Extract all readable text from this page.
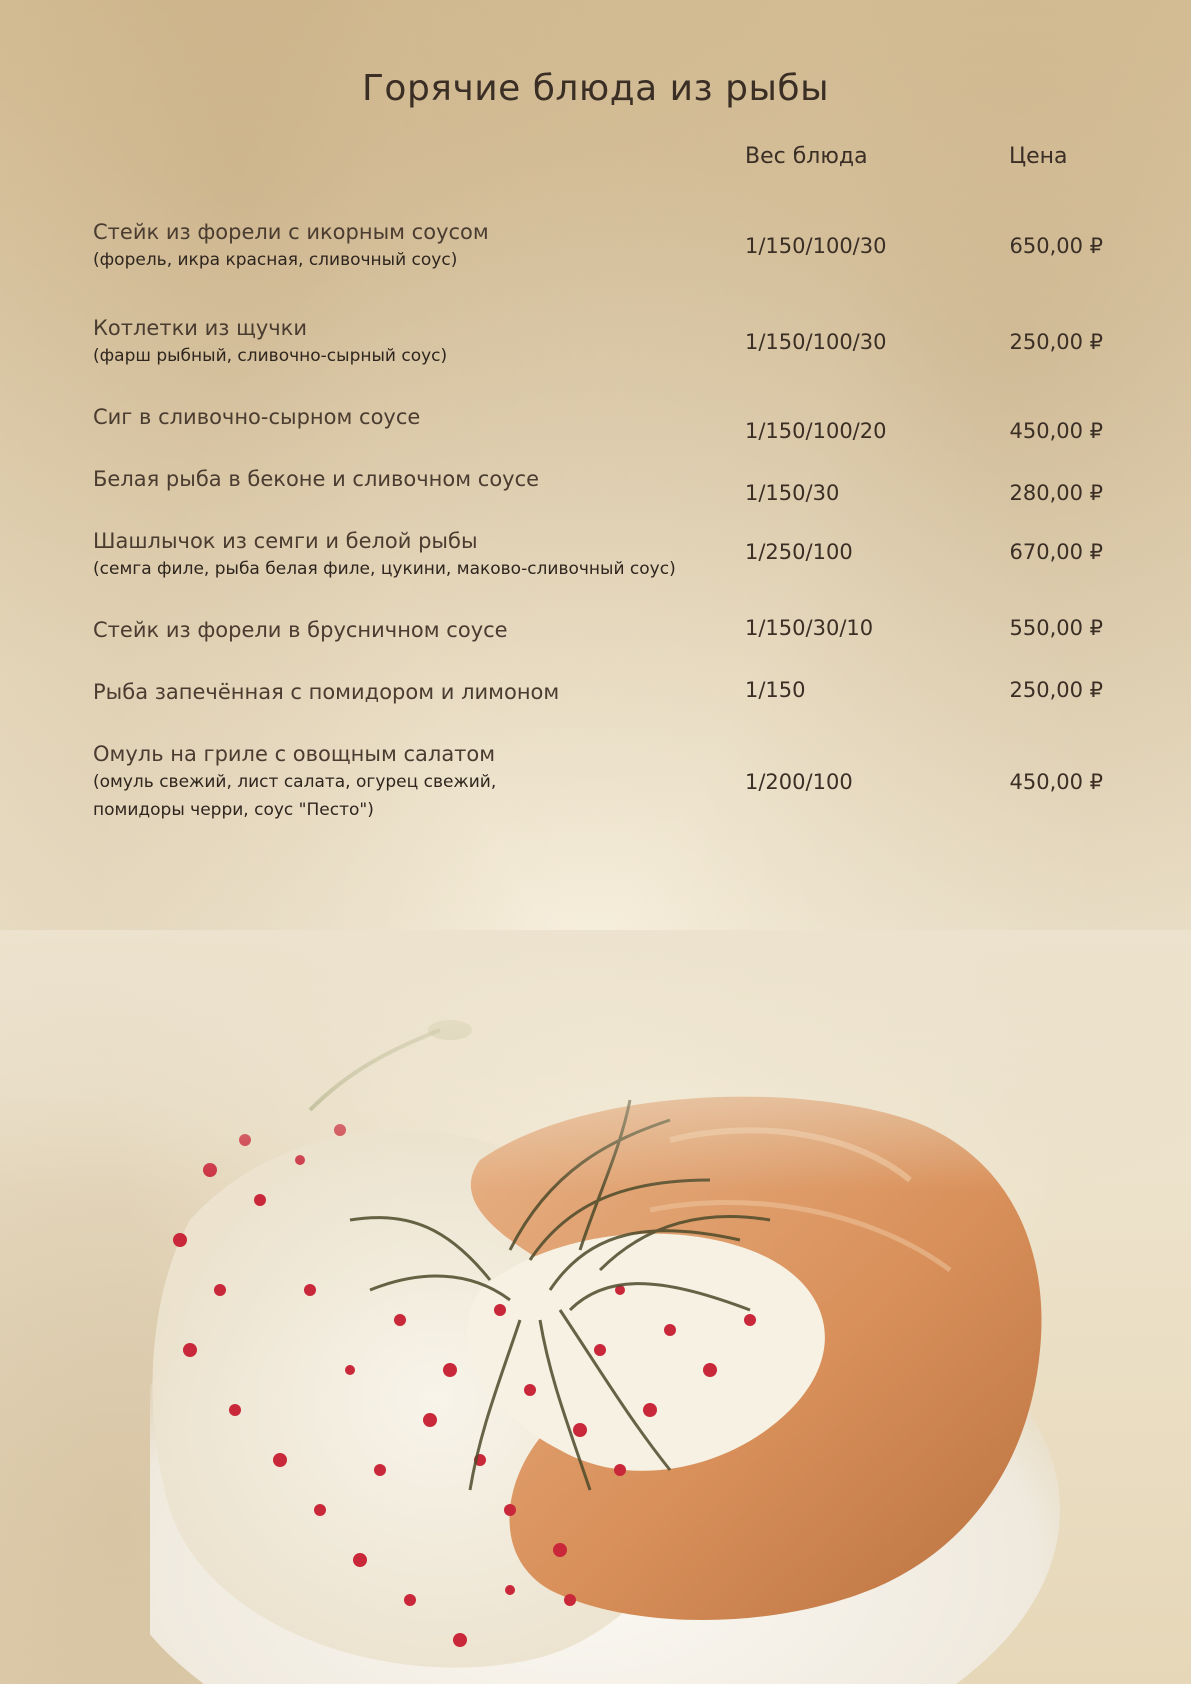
Горячие блюда из рыбы
Вес блюда	Цена
Стейк из форели с икорным соусом
(форель, икра красная, сливочный соус)
1/150/100/30	650,00 ₽
Котлетки из щучки
(фарш рыбный, сливочно-сырный соус)
1/150/100/30	250,00 ₽
Сиг в сливочно-сырном соусе
1/150/100/20	450,00 ₽
Белая рыба в беконе и сливочном соусе
1/150/30	280,00 ₽
Шашлычок из семги и белой рыбы
(семга филе, рыба белая филе, цукини, маково-сливочный соус)
1/250/100	670,00 ₽
Стейк из форели в брусничном соусе	1/150/30/10	550,00 ₽
Рыба запечённая с помидором и лимоном	1/150	250,00 ₽
Омуль на гриле с овощным салатом
(омуль свежий, лист салата, огурец свежий,
помидоры черри, соус "Песто")
1/200/100	450,00 ₽
